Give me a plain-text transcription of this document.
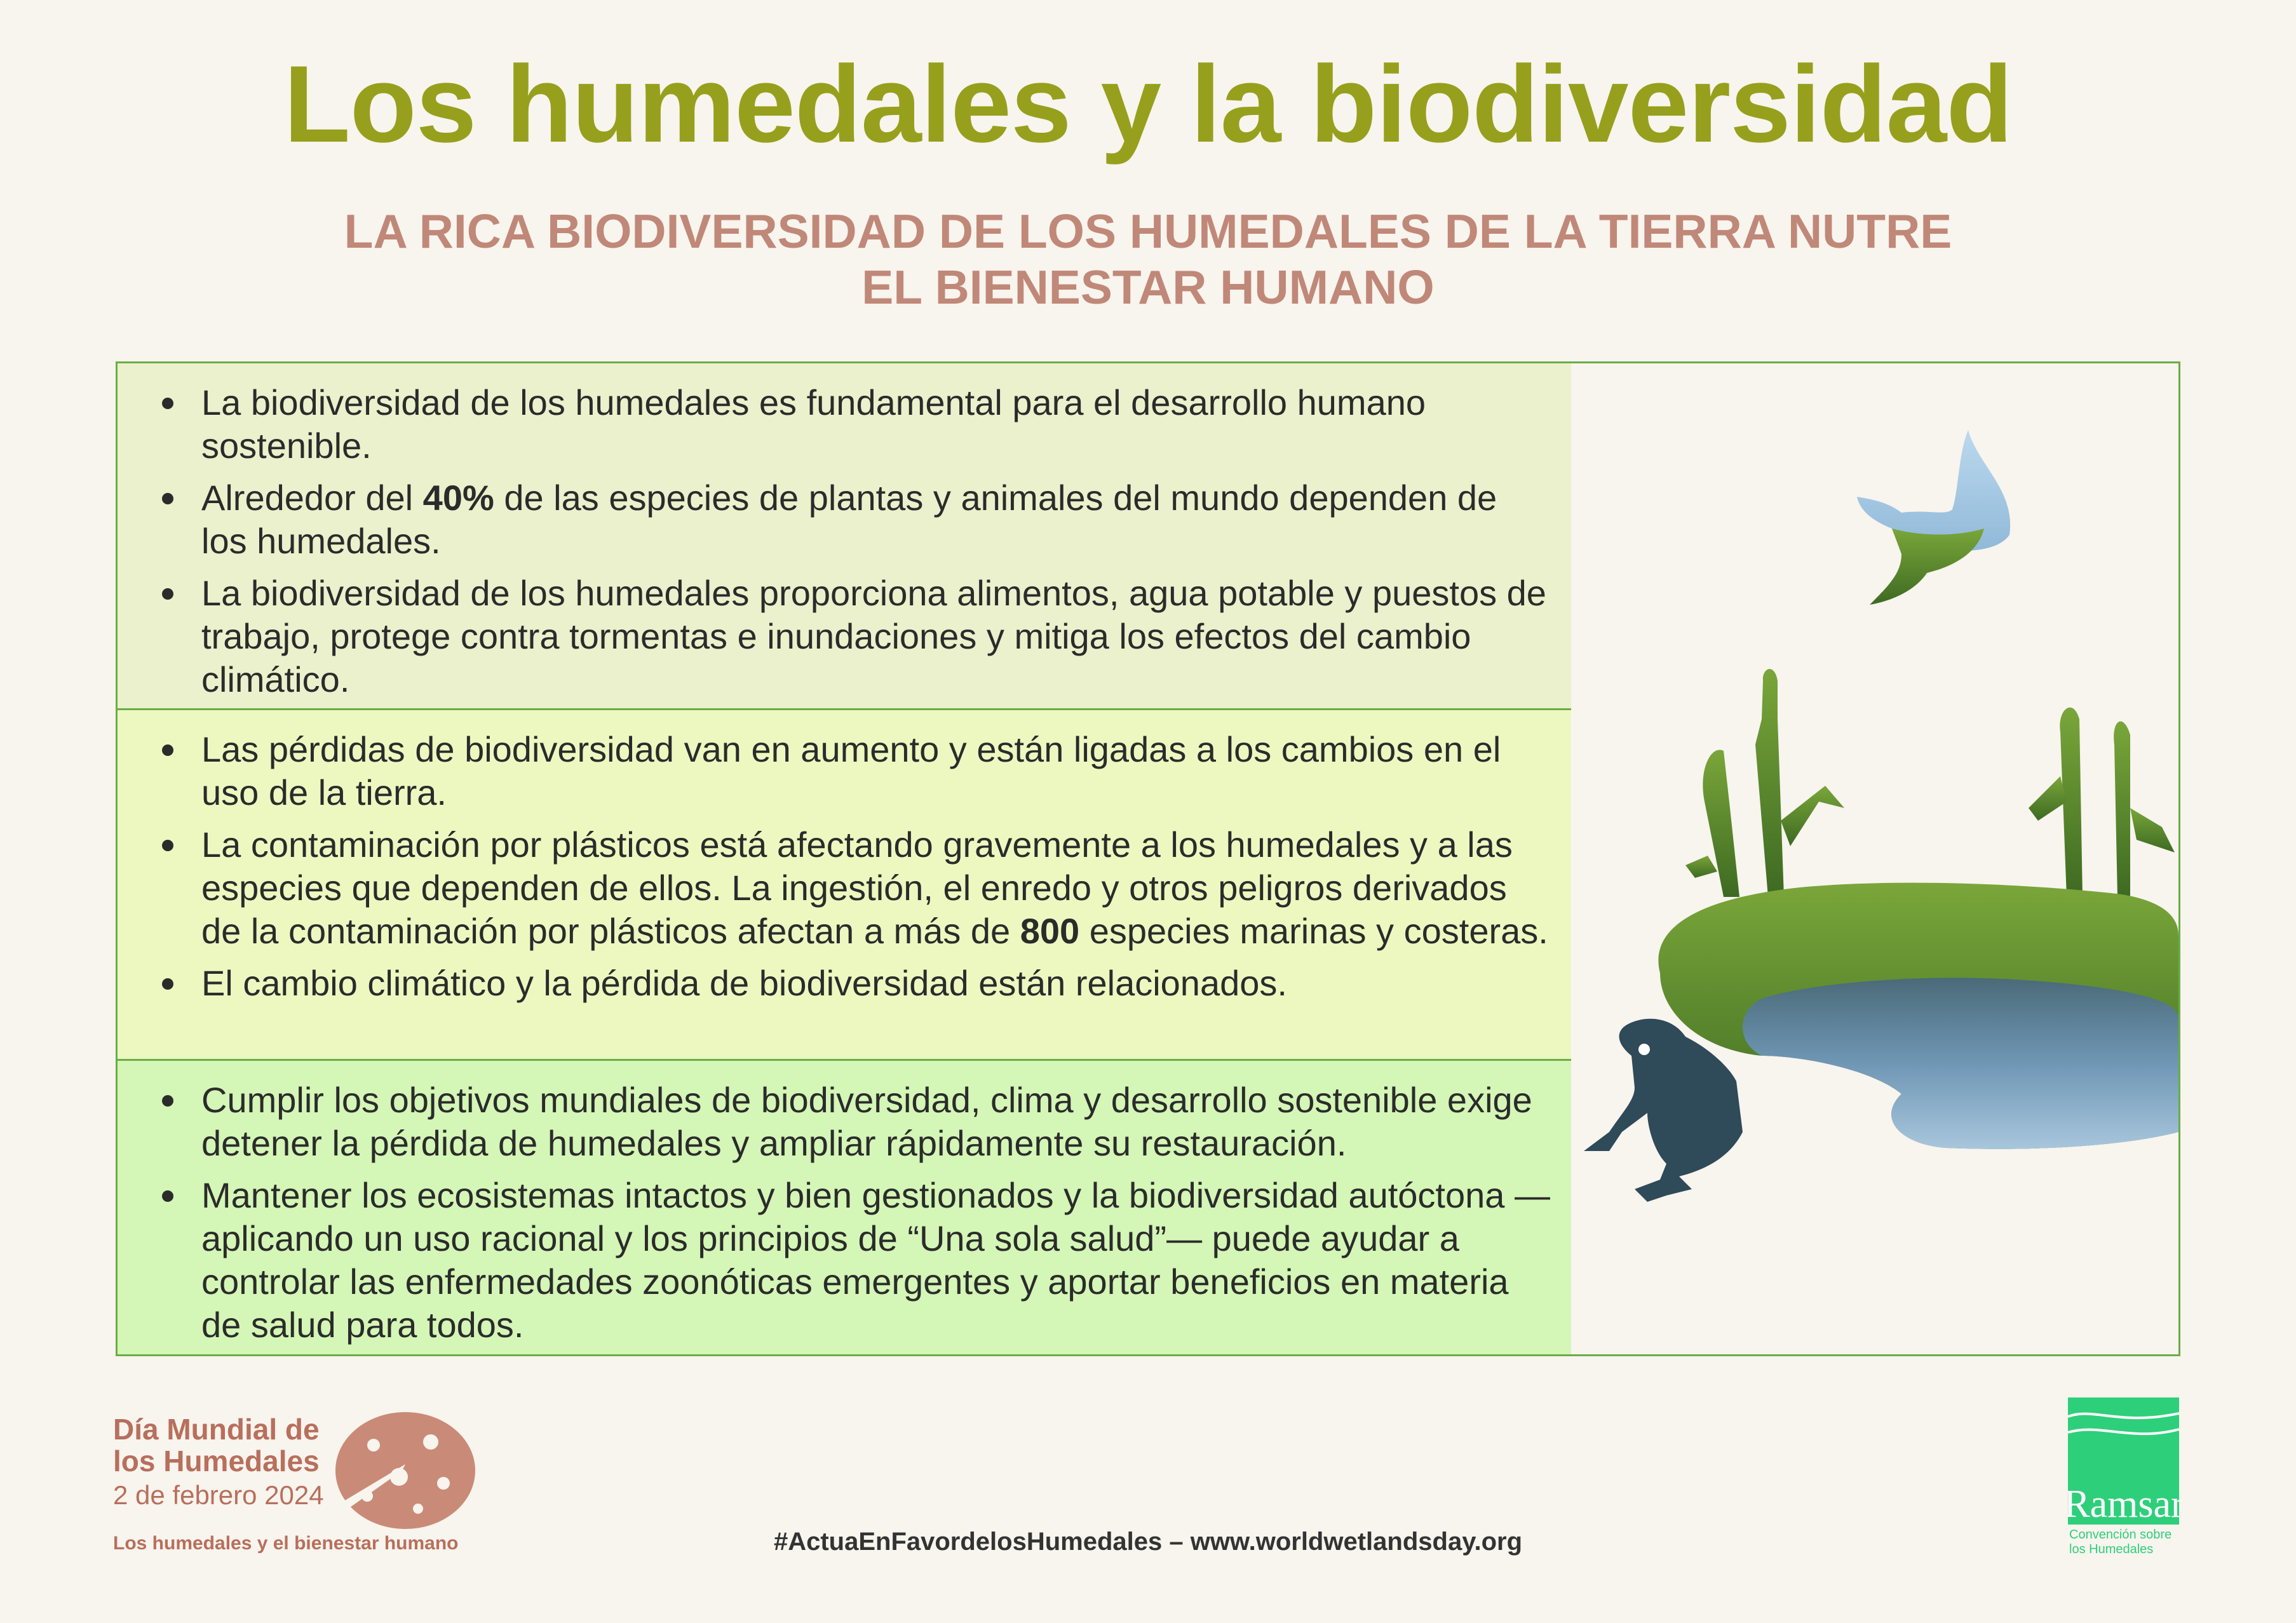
Los humedales y la biodiversidad
LA RICA BIODIVERSIDAD DE LOS HUMEDALES DE LA TIERRA NUTRE
EL BIENESTAR HUMANO
La biodiversidad de los humedales es fundamental para el desarrollo humano sostenible.
Alrededor del 40% de las especies de plantas y animales del mundo dependen de los humedales.
La biodiversidad de los humedales proporciona alimentos, agua potable y puestos de trabajo, protege contra tormentas e inundaciones y mitiga los efectos del cambio climático.
Las pérdidas de biodiversidad van en aumento y están ligadas a los cambios en el uso de la tierra.
La contaminación por plásticos está afectando gravemente a los humedales y a las especies que dependen de ellos. La ingestión, el enredo y otros peligros derivados de la contaminación por plásticos afectan a más de 800 especies marinas y costeras.
El cambio climático y la pérdida de biodiversidad están relacionados.
Cumplir los objetivos mundiales de biodiversidad, clima y desarrollo sostenible exige detener la pérdida de humedales y ampliar rápidamente su restauración.
Mantener los ecosistemas intactos y bien gestionados y la biodiversidad autóctona —aplicando un uso racional y los principios de “Una sola salud”— puede ayudar a controlar las enfermedades zoonóticas emergentes y aportar beneficios en materia de salud para todos.
Día Mundial de
los Humedales
2 de febrero 2024
Los humedales y el bienestar humano	#ActuaEnFavordelosHumedales – www.worldwetlandsday.org
Ramsar
Convención sobre
los Humedales
